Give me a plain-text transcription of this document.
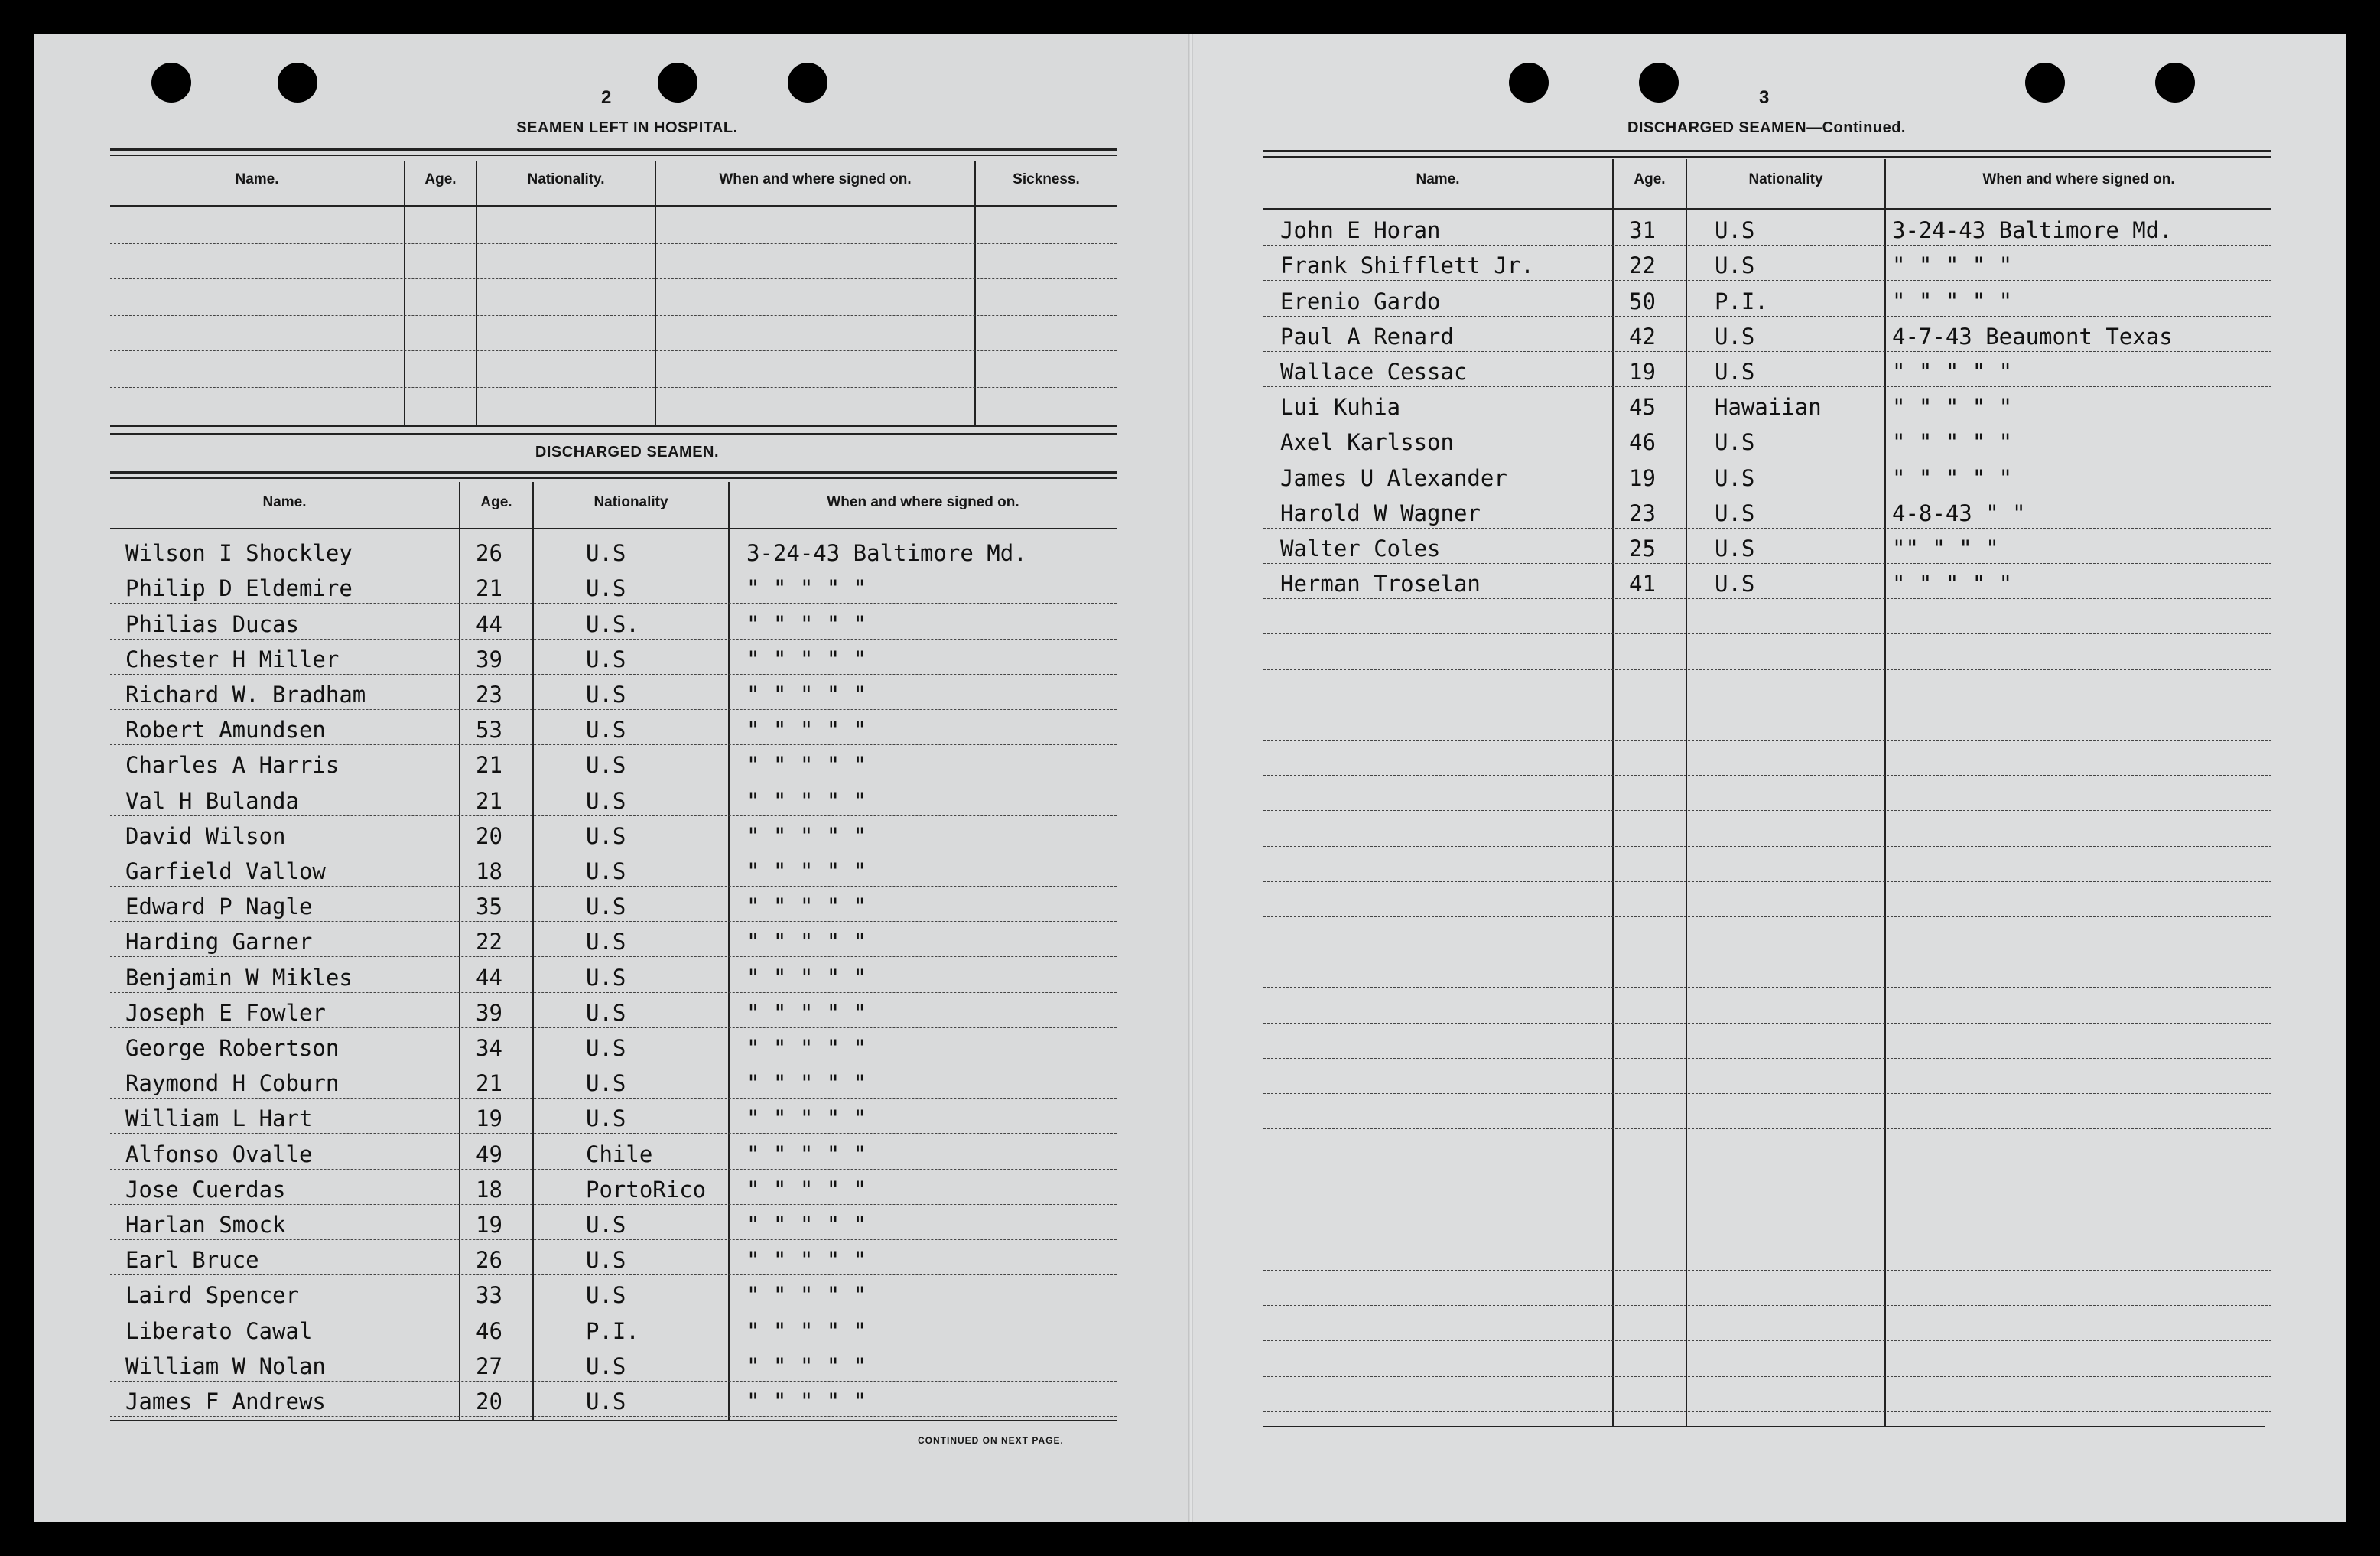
2
SEAMEN LEFT IN HOSPITAL.
Name.	Age.	Nationality.	When and where signed on.	Sickness.
DISCHARGED SEAMEN.
Name.	Age.	Nationality	When and where signed on.
Wilson I Shockley	26	U.S	3-24-43 Baltimore Md.
Philip D Eldemire	21	U.S	" " " " "
Philias Ducas	44	U.S.	" " " " "
Chester H Miller	39	U.S	" " " " "
Richard W. Bradham	23	U.S	" " " " "
Robert Amundsen	53	U.S	" " " " "
Charles A Harris	21	U.S	" " " " "
Val H Bulanda	21	U.S	" " " " "
David Wilson	20	U.S	" " " " "
Garfield Vallow	18	U.S	" " " " "
Edward P Nagle	35	U.S	" " " " "
Harding Garner	22	U.S	" " " " "
Benjamin W Mikles	44	U.S	" " " " "
Joseph E Fowler	39	U.S	" " " " "
George Robertson	34	U.S	" " " " "
Raymond H Coburn	21	U.S	" " " " "
William L Hart	19	U.S	" " " " "
Alfonso Ovalle	49	Chile	" " " " "
Jose Cuerdas	18	PortoRico " " " " "
Harlan Smock	19	U.S	" " " " "
Earl Bruce	26	U.S	" " " " "
Laird Spencer	33	U.S	" " " " "
Liberato Cawal	46	P.I.	" " " " "
William W Nolan	27	U.S	" " " " "
James F Andrews	20	U.S	" " " " "
CONTINUED ON NEXT PAGE.
3
DISCHARGED SEAMEN—Continued.
Name.	Age.	Nationality	When and where signed on.
John E Horan	31	U.S	3-24-43 Baltimore Md.
Frank Shifflett Jr.	22	U.S	" " " " "
Erenio Gardo	50	P.I.	" " " " "
Paul A Renard	42	U.S	4-7-43 Beaumont Texas
Wallace Cessac	19	U.S	" " " " "
Lui Kuhia	45	Hawaiian	" " " " "
Axel Karlsson	46	U.S	" " " " "
James U Alexander	19	U.S	" " " " "
Harold W Wagner	23	U.S	4-8-43 " "
Walter Coles	25	U.S	"" " " "
Herman Troselan	41	U.S	" " " " "
